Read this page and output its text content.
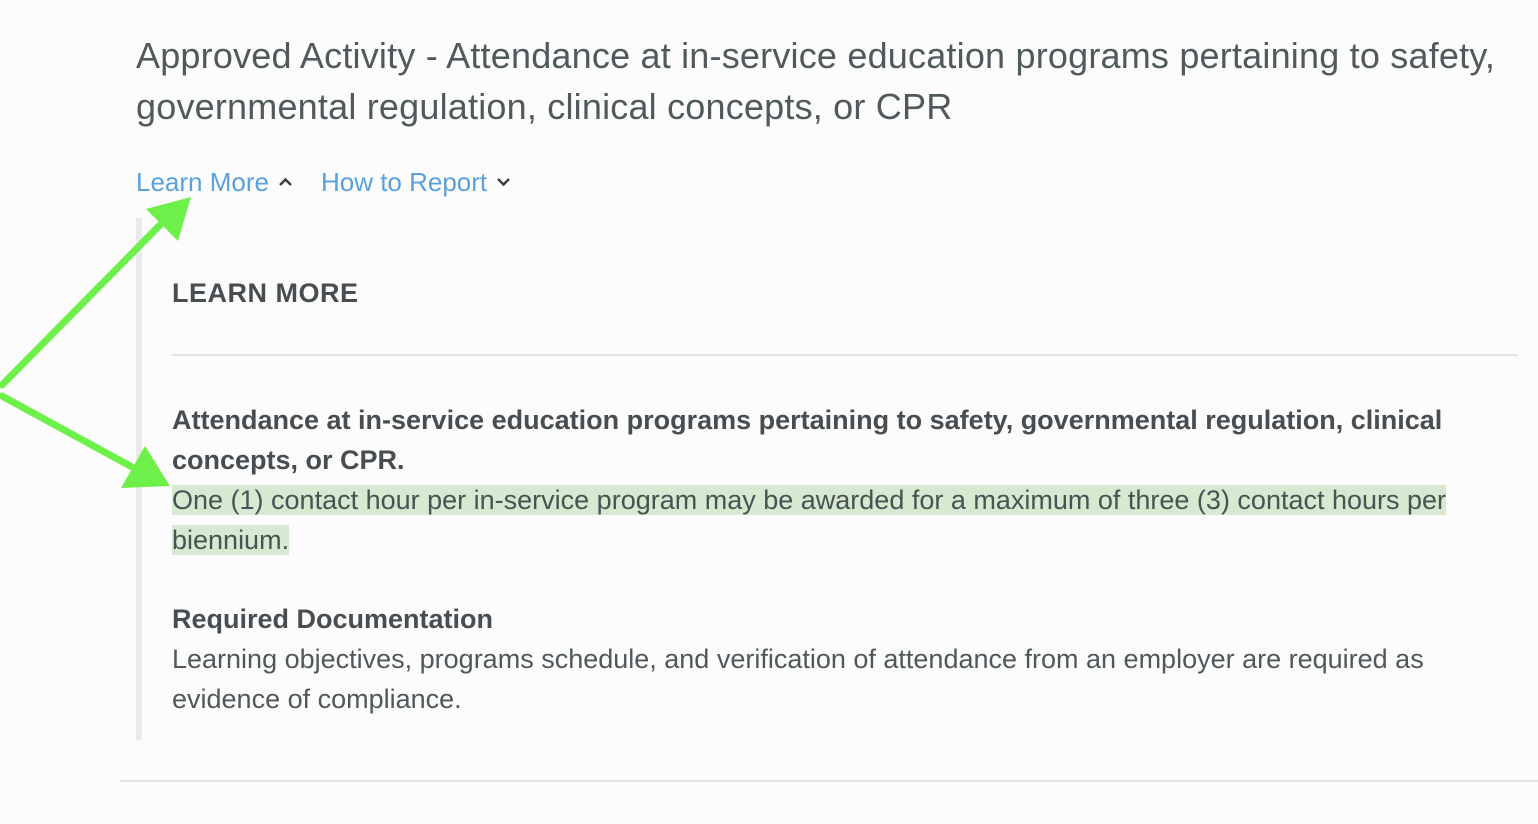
Approved Activity - Attendance at in-service education programs pertaining to safety, governmental regulation, clinical concepts, or CPR
Learn More How to Report
LEARN MORE
Attendance at in-service education programs pertaining to safety, governmental regulation, clinical concepts, or CPR.
One (1) contact hour per in-service program may be awarded for a maximum of three (3) contact hours per biennium.
Required Documentation
Learning objectives, programs schedule, and verification of attendance from an employer are required as evidence of compliance.
